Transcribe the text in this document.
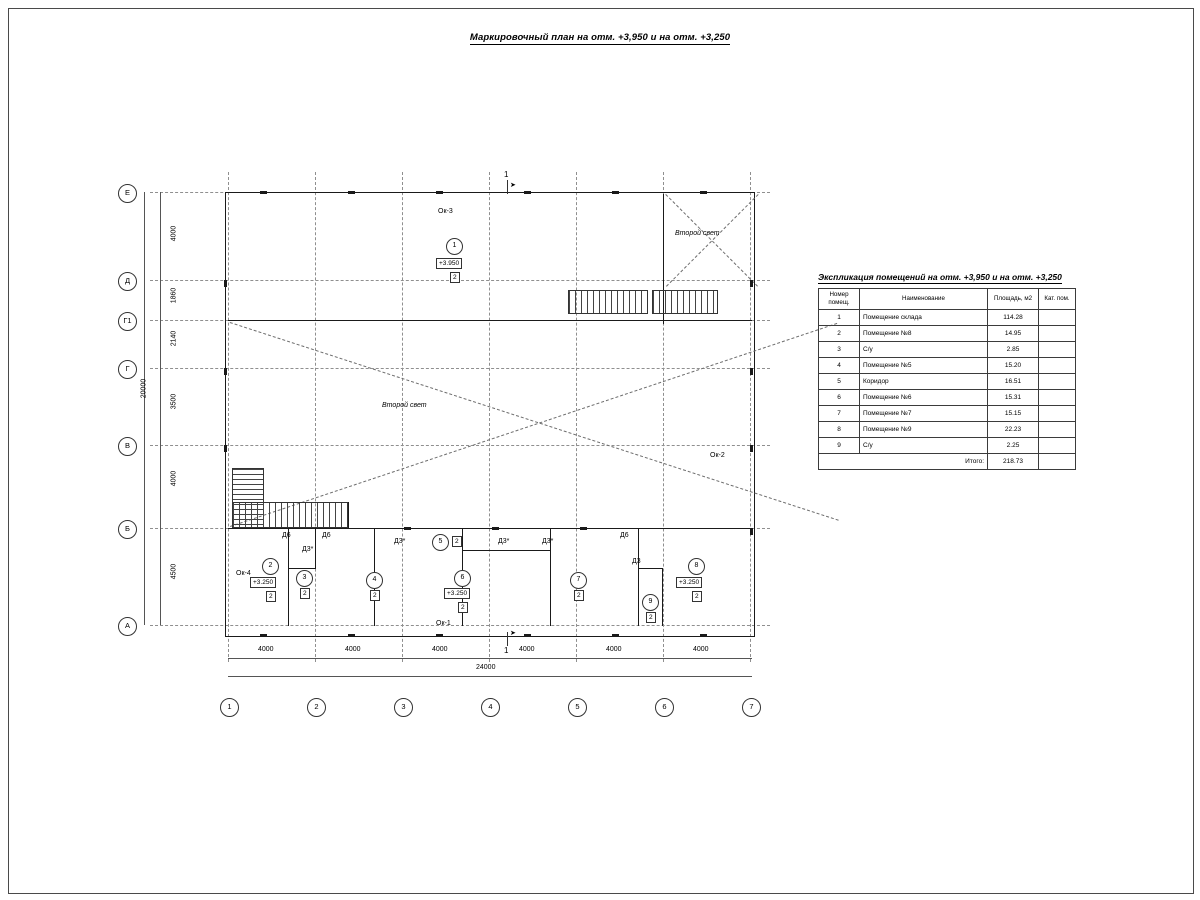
Маркировочный план на отм. +3,950 и на отм. +3,250
Е
Д
Г1
Г
В
Б
А
1	2	3	4	5	6	7
4000
1860
2140
3500
4000
4500
20000
4000	4000	4000	4000	4000	4000
24000
1
+3.950
2
2
+3.250
2
3
2
4
2
5	2
6
+3.250
2
7
2
8
+3.250
2
9
2
Ок-3
Ок-2
Ок-1
Ок-4
Д6	Д6
Д3*
Д3*	Д3*	Д3*
Д6
Д3
Второй свет
Второй свет
1
➤
➤
1
Экспликация помещений на отм. +3,950 и на отм. +3,250
Номер помещ.	Наименование	Площадь, м2	Кат. пом.
1	Помещение склада	114.28	
2	Помещение №8	14.95	
3	С/у	2.85	
4	Помещение №5	15.20	
5	Коридор	16.51	
6	Помещение №6	15.31	
7	Помещение №7	15.15	
8	Помещение №9	22.23	
9	С/у	2.25	
Итого:		218.73	
